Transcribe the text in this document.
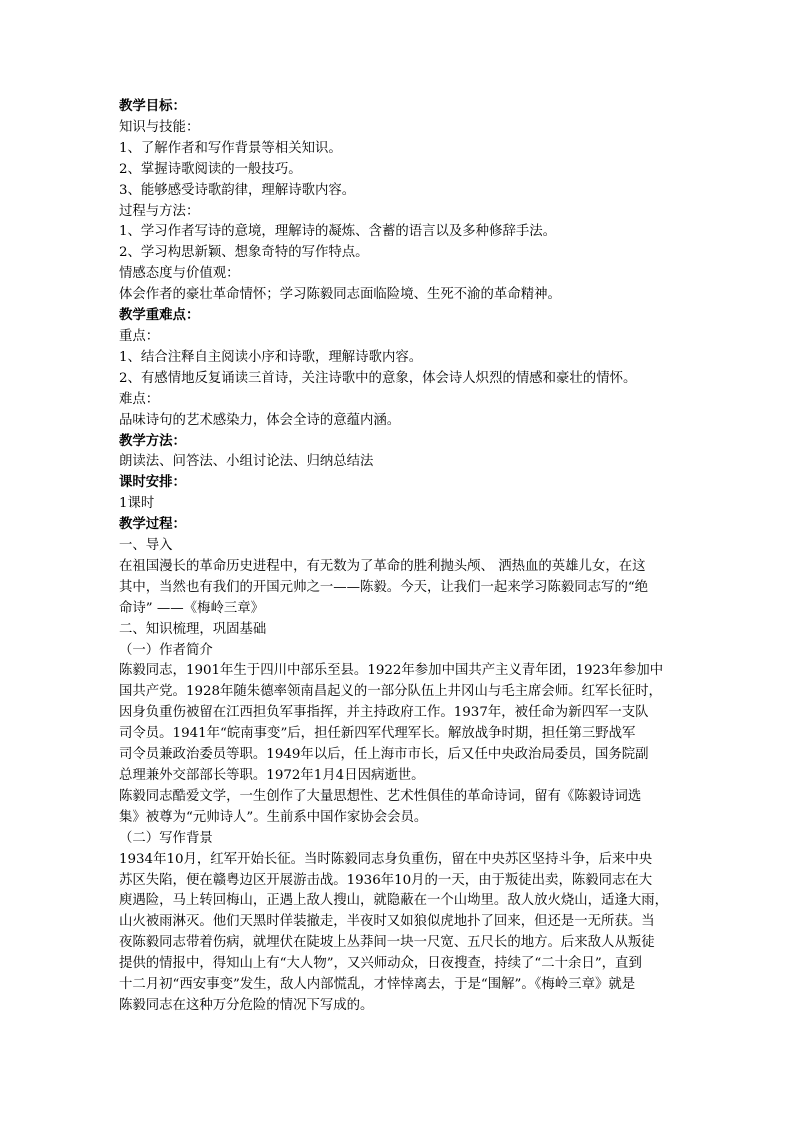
教学目标：

知识与技能：

1、了解作者和写作背景等相关知识。

2、掌握诗歌阅读的一般技巧。

3、能够感受诗歌韵律，理解诗歌内容。

过程与方法：

1、学习作者写诗的意境，理解诗的凝炼、含蓄的语言以及多种修辞手法。

2、学习构思新颖、想象奇特的写作特点。

情感态度与价值观：

体会作者的豪壮革命情怀；学习陈毅同志面临险境、生死不渝的革命精神。

教学重难点：

重点：

1、结合注释自主阅读小序和诗歌，理解诗歌内容。

2、有感情地反复诵读三首诗，关注诗歌中的意象，体会诗人炽烈的情感和豪壮的情怀。

难点：

品味诗句的艺术感染力，体会全诗的意蕴内涵。

教学方法：

朗读法、问答法、小组讨论法、归纳总结法

课时安排：

1课时

教学过程：

一、导入

在祖国漫长的革命历史进程中，有无数为了革命的胜利抛头颅、 洒热血的英雄儿女，在这

其中，当然也有我们的开国元帅之一——陈毅。今天，让我们一起来学习陈毅同志写的“绝

命诗” ——《梅岭三章》

二、知识梳理，巩固基础

（一）作者简介

陈毅同志，1901年生于四川中部乐至县。1922年参加中国共产主义青年团，1923年参加中

国共产党。1928年随朱德率领南昌起义的一部分队伍上井冈山与毛主席会师。红军长征时，

因身负重伤被留在江西担负军事指挥，并主持政府工作。1937年，被任命为新四军一支队

司令员。1941年“皖南事变”后，担任新四军代理军长。解放战争时期，担任第三野战军

司令员兼政治委员等职。1949年以后，任上海市市长，后又任中央政治局委员，国务院副

总理兼外交部部长等职。1972年1月4日因病逝世。

陈毅同志酷爱文学，一生创作了大量思想性、艺术性俱佳的革命诗词，留有《陈毅诗词选

集》被尊为“元帅诗人”。生前系中国作家协会会员。

（二）写作背景

1934年10月，红军开始长征。当时陈毅同志身负重伤，留在中央苏区坚持斗争，后来中央

苏区失陷，便在赣粤边区开展游击战。1936年10月的一天，由于叛徒出卖，陈毅同志在大

庾遇险，马上转回梅山，正遇上敌人搜山，就隐蔽在一个山坳里。敌人放火烧山，适逢大雨，

山火被雨淋灭。他们天黑时佯装撤走，半夜时又如狼似虎地扑了回来，但还是一无所获。当

夜陈毅同志带着伤病，就埋伏在陡坡上丛莽间一块一尺宽、五尺长的地方。后来敌人从叛徒

提供的情报中，得知山上有“大人物”，又兴师动众，日夜搜查，持续了“二十余日”，直到

十二月初“西安事变”发生，敌人内部慌乱，才悻悻离去，于是“围解”。《梅岭三章》就是

陈毅同志在这种万分危险的情况下写成的。
